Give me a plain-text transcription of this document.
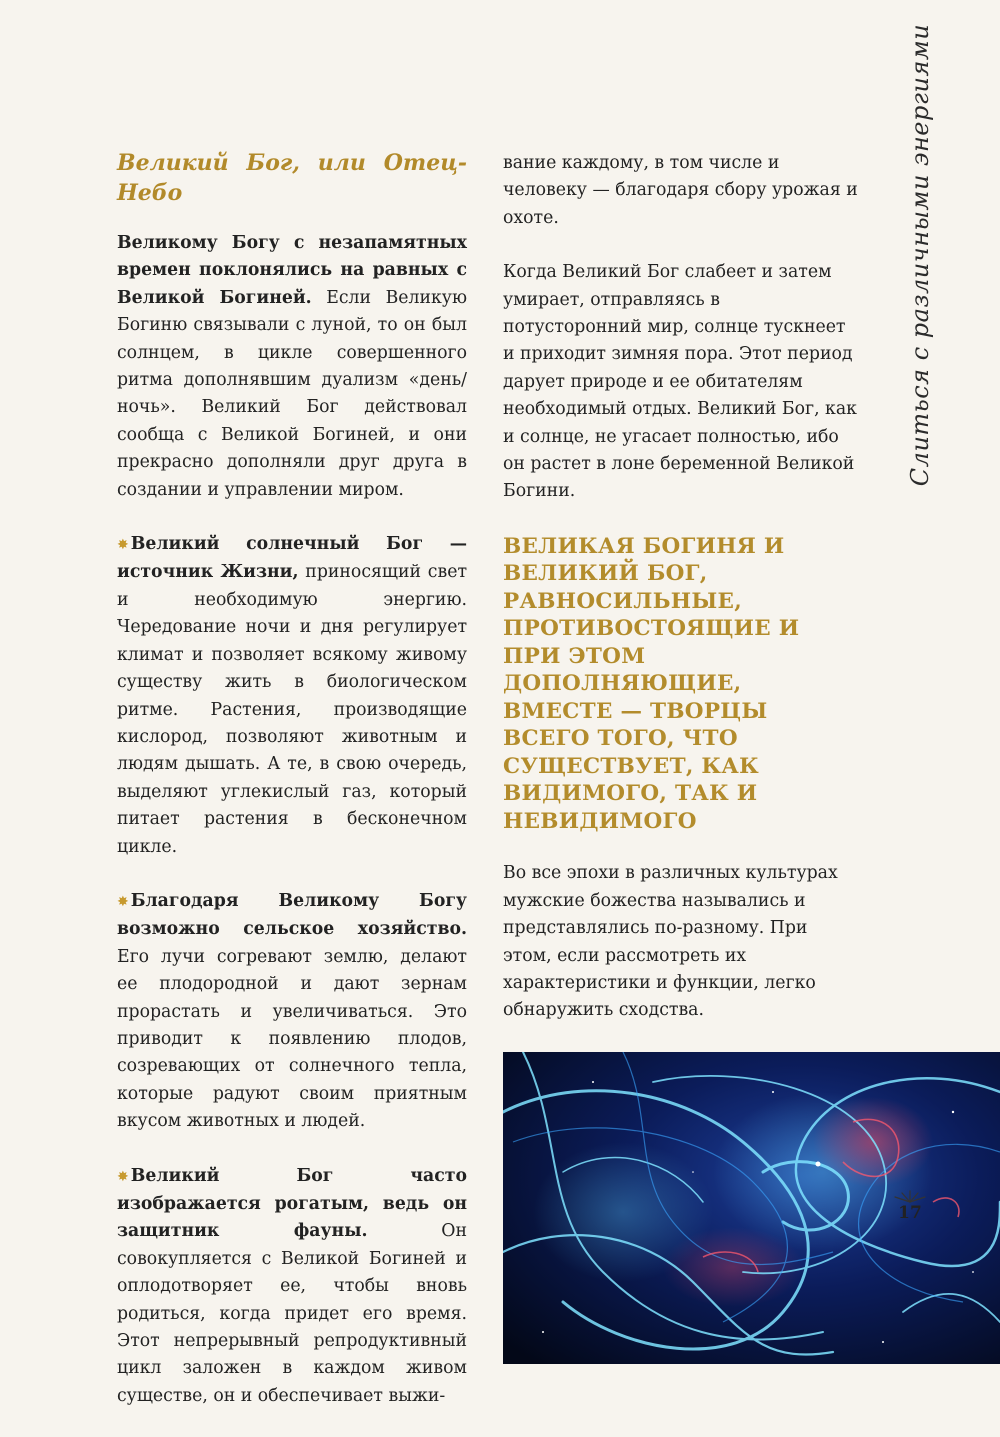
Слиться с различными энергиями
Великий Бог, или Отец-Небо

Великому Богу с незапамятных времен поклонялись на равных с Великой Богиней. Если Великую Богиню связывали с луной, то он был солнцем, в цикле совершенного ритма дополнявшим дуализм «день/ночь». Великий Бог действовал сообща с Великой Богиней, и они прекрасно дополняли друг друга в создании и управлении миром.

✸ Великий солнечный Бог — источник Жизни, приносящий свет и необходимую энергию. Чередование ночи и дня регулирует климат и позволяет всякому живому существу жить в биологическом ритме. Растения, производящие кислород, позволяют животным и людям дышать. А те, в свою очередь, выделяют углекислый газ, который питает растения в бесконечном цикле.

✸ Благодаря Великому Богу возможно сельское хозяйство. Его лучи согревают землю, делают ее плодородной и дают зернам прорастать и увеличиваться. Это приводит к появлению плодов, созревающих от солнечного тепла, которые радуют своим приятным вкусом животных и людей.

✸ Великий Бог часто изображается рогатым, ведь он защитник фауны. Он совокупляется с Великой Богиней и оплодотворяет ее, чтобы вновь родиться, когда придет его время. Этот непрерывный репродуктивный цикл заложен в каждом живом существе, он и обеспечивает выжи-

вание каждому, в том числе и человеку — благодаря сбору урожая и охоте.

Когда Великий Бог слабеет и затем умирает, отправляясь в потусторонний мир, солнце тускнеет и приходит зимняя пора. Этот период дарует природе и ее обитателям необходимый отдых. Великий Бог, как и солнце, не угасает полностью, ибо он растет в лоне беременной Великой Богини.

ВЕЛИКАЯ БОГИНЯ И ВЕЛИКИЙ БОГ, РАВНОСИЛЬНЫЕ, ПРОТИВОСТОЯЩИЕ И ПРИ ЭТОМ ДОПОЛНЯЮЩИЕ, ВМЕСТЕ — ТВОРЦЫ ВСЕГО ТОГО, ЧТО СУЩЕСТВУЕТ, КАК ВИДИМОГО, ТАК И НЕВИДИМОГО

Во все эпохи в различных культурах мужские божества назывались и представлялись по-разному. При этом, если рассмотреть их характеристики и функции, легко обнаружить сходства.

17
